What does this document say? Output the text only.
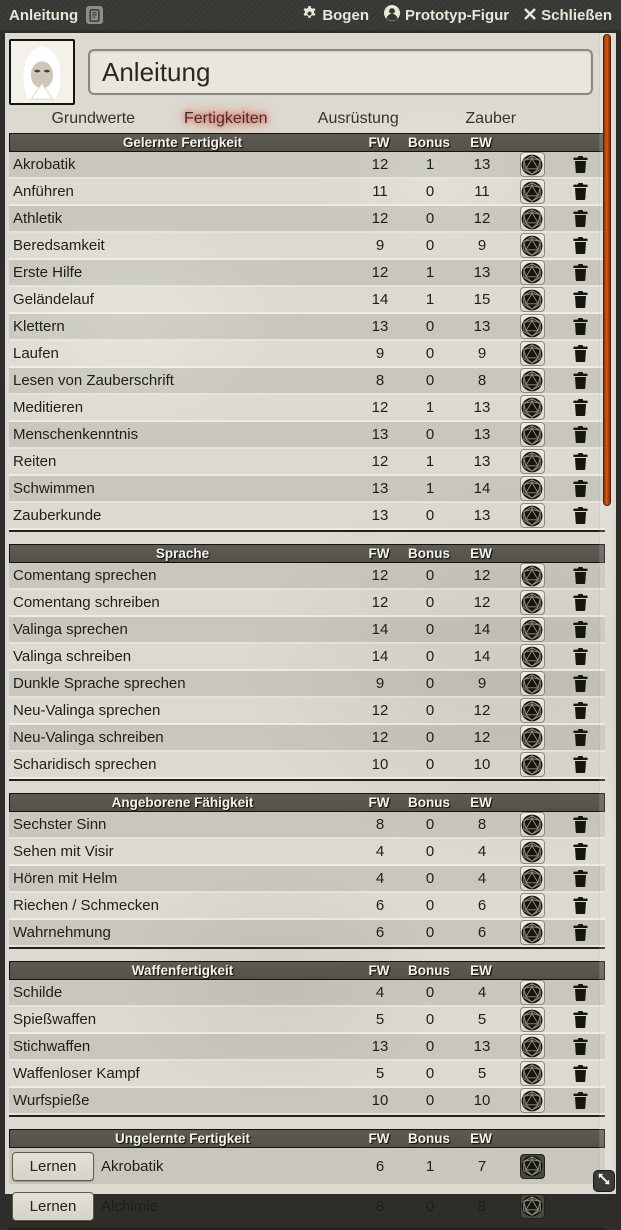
Anleitung	Bogen Prototyp-Figur Schließen
Anleitung
Grundwerte	Fertigkeiten	Ausrüstung	Zauber
Gelernte Fertigkeit	FW	Bonus	EW
Akrobatik	12	1	13
Anführen	11	0	11
Athletik	12	0	12
Beredsamkeit	9	0	9
Erste Hilfe	12	1	13
Geländelauf	14	1	15
Klettern	13	0	13
Laufen	9	0	9
Lesen von Zauberschrift	8	0	8
Meditieren	12	1	13
Menschenkenntnis	13	0	13
Reiten	12	1	13
Schwimmen	13	1	14
Zauberkunde	13	0	13
Sprache	FW	Bonus	EW
Comentang sprechen	12	0	12
Comentang schreiben	12	0	12
Valinga sprechen	14	0	14
Valinga schreiben	14	0	14
Dunkle Sprache sprechen	9	0	9
Neu-Valinga sprechen	12	0	12
Neu-Valinga schreiben	12	0	12
Scharidisch sprechen	10	0	10
Angeborene Fähigkeit	FW	Bonus	EW
Sechster Sinn	8	0	8
Sehen mit Visir	4	0	4
Hören mit Helm	4	0	4
Riechen / Schmecken	6	0	6
Wahrnehmung	6	0	6
Waffenfertigkeit	FW	Bonus	EW
Schilde	4	0	4
Spießwaffen	5	0	5
Stichwaffen	13	0	13
Waffenloser Kampf	5	0	5
Wurfspieße	10	0	10
Ungelernte Fertigkeit	FW	Bonus	EW
Lernen	Akrobatik	6	1	7
Lernen	Alchimie	8	0	8
